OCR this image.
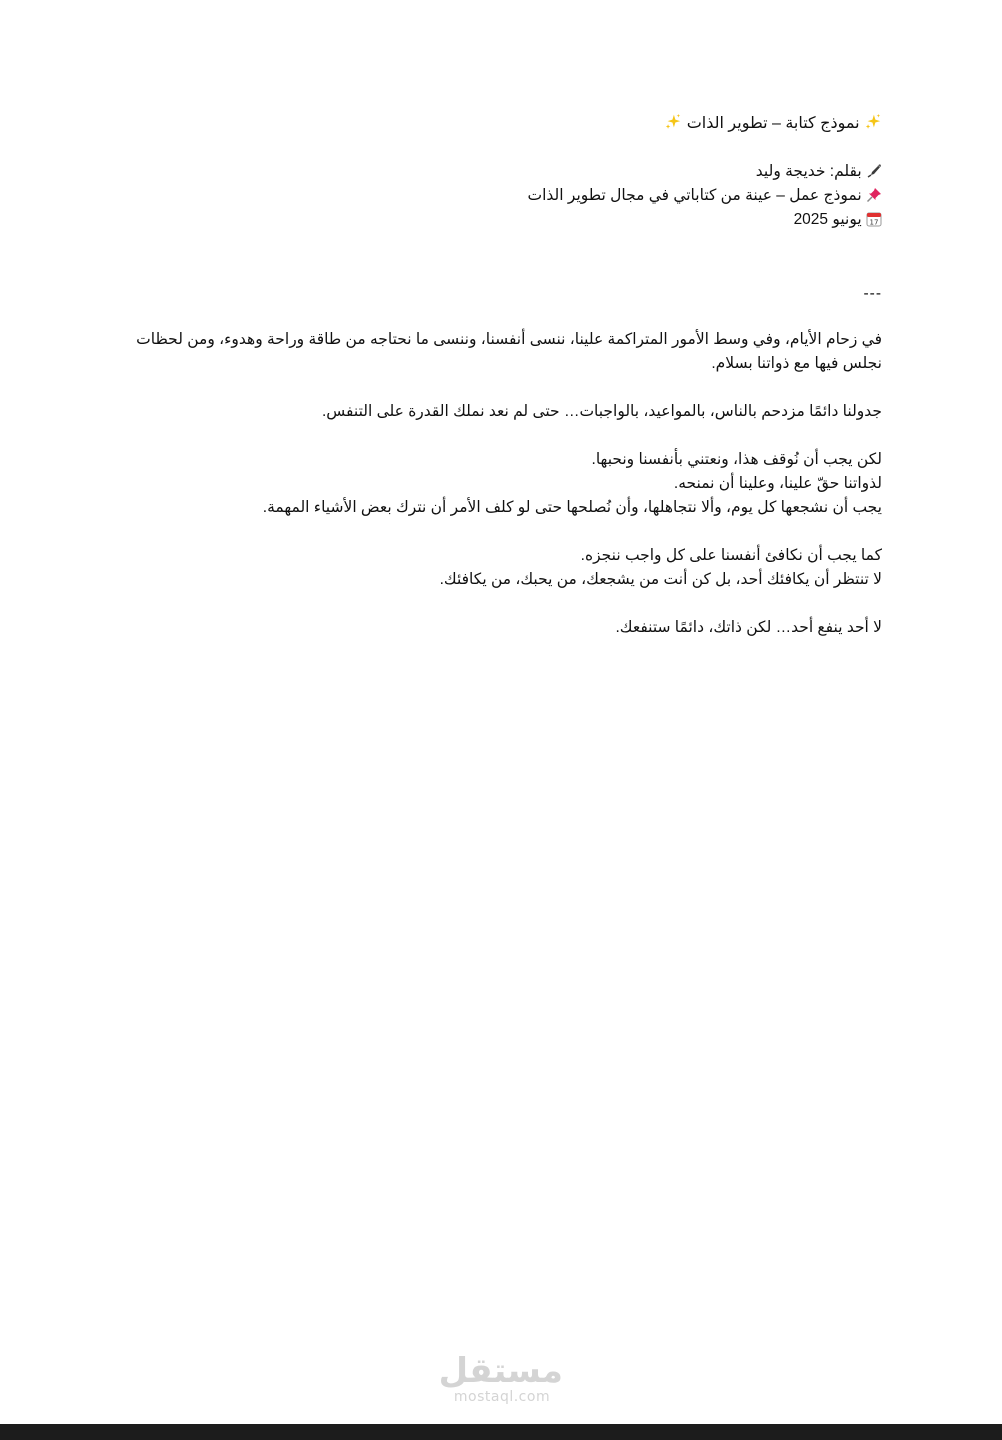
نموذج كتابة – تطوير الذات
بقلم: خديجة وليد
نموذج عمل – عينة من كتاباتي في مجال تطوير الذات
17
يونيو 2025
---
في زحام الأيام، وفي وسط الأمور المتراكمة علينا، ننسى أنفسنا، وننسى ما نحتاجه من طاقة وراحة وهدوء، ومن لحظات نجلس فيها مع ذواتنا بسلام.
جدولنا دائمًا مزدحم بالناس، بالمواعيد، بالواجبات… حتى لم نعد نملك القدرة على التنفس.
لكن يجب أن نُوقف هذا، ونعتني بأنفسنا ونحبها.
لذواتنا حقّ علينا، وعلينا أن نمنحه.
يجب أن نشجعها كل يوم، وألا نتجاهلها، وأن نُصلحها حتى لو كلف الأمر أن نترك بعض الأشياء المهمة.
كما يجب أن نكافئ أنفسنا على كل واجب ننجزه.
لا تنتظر أن يكافئك أحد، بل كن أنت من يشجعك، من يحبك، من يكافئك.
لا أحد ينفع أحد… لكن ذاتك، دائمًا ستنفعك.
مستقل
mostaql.com
